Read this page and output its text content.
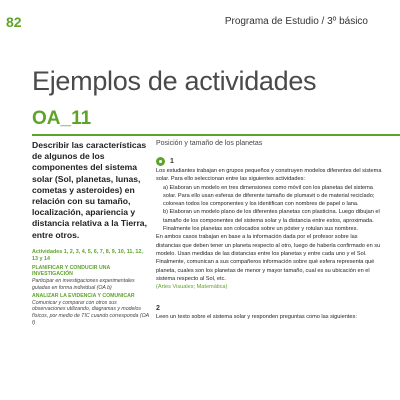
82	Programa de Estudio / 3º básico
Ejemplos de actividades
OA_11

Describir las características de algunos de los componentes del sistema solar (Sol, planetas, lunas, cometas y asteroides) en relación con su tamaño, localización, apariencia y distancia relativa a la Tierra, entre otros.

Actividades 1, 2, 3, 4, 5, 6, 7, 8, 9, 10, 11, 12, 13 y 14
PLANIFICAR Y CONDUCIR UNA INVESTIGACIÓN
Participar en investigaciones experimentales guiadas en forma individual (OA b)
ANALIZAR LA EVIDENCIA Y COMUNICAR
Comunicar y comparar con otros sus observaciones utilizando, diagramas y modelos físicos, por medio de TIC cuando corresponda (OA f)
Posición y tamaño de los planetas
1

Los estudiantes trabajan en grupos pequeños y construyen modelos diferentes del sistema solar. Para ello seleccionan entre las siguientes actividades:

a) Elaboran un modelo en tres dimensiones como móvil con los planetas del sistema solar. Para ello usan esferas de diferente tamaño de plumavit o de material reciclado; colorean todos los componentes y los identifican con nombres de papel o lana.

b) Elaboran un modelo plano de los diferentes planetas con plasticina. Luego dibujan el tamaño de los componentes del sistema solar y la distancia entre estos, aproximada. Finalmente los planetas son colocados sobre un póster y rotulan sus nombres.

En ambos casos trabajan en base a la información dada por el profesor sobre las distancias que deben tener un planeta respecto al otro, luego de haberla confirmado en su modelo. Usan medidas de las distancias entre los planetas y entre cada uno y el Sol.

Finalmente, comunican a sus compañeros información sobre qué esfera representa qué planeta, cuales son los planetas de menor y mayor tamaño, cual es su ubicación en el sistema respecto al Sol, etc.

(Artes Visuales; Matemática)

2
Leen un texto sobre el sistema solar y responden preguntas como las siguientes:
